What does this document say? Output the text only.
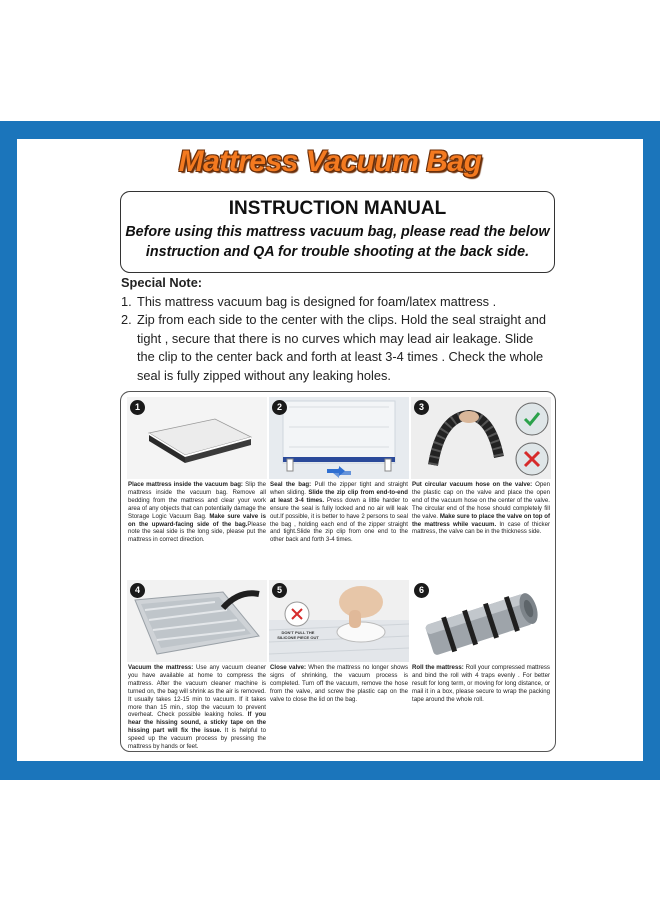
Mattress Vacuum Bag
INSTRUCTION MANUAL
Before using this mattress vacuum bag, please read the below
instruction and QA for trouble shooting at the back side.
Special Note:
1. This mattress vacuum bag is designed for foam/latex mattress .
2. Zip from each side to the center with the clips. Hold the seal straight and tight , secure that there is no curves which may lead air leakage. Slide the clip to the center back and forth at least 3-4 times . Check the whole seal is fully zipped without any leaking holes.
1
Place mattress inside the vacuum bag: Slip the mattress inside the vacuum bag. Remove all bedding from the mattress and clear your work area of any objects that can potentially damage the Storage Logic Vacuum Bag. Make sure valve is on the upward-facing side of the bag.Please note the seal side is the long side, please put the mattress in correct direction.
2
Seal the bag: Pull the zipper tight and straight when sliding. Slide the zip clip from end-to-end at least 3-4 times. Press down a little harder to ensure the seal is fully locked and no air will leak out.If possible, it is better to have 2 persons to seal the bag , holding each end of the zipper straight and tight.Slide the zip clip from one end to the other back and forth 3-4 times.
3
Put circular vacuum hose on the valve: Open the plastic cap on the valve and place the open end of the vacuum hose on the center of the valve. The circular end of the hose should completely fill the valve. Make sure to place the valve on top of the mattress while vacuum. In case of thicker mattress, the valve can be in the thickness side.
4
Vacuum the mattress: Use any vacuum cleaner you have available at home to compress the mattress. After the vacuum cleaner machine is turned on, the bag will shrink as the air is removed. It usually takes 12-15 min to vacuum. If it takes more than 15 min., stop the vacuum to prevent overheat. Check possible leaking holes. If you hear the hissing sound, a sticky tape on the hissing part will fix the issue. It is helpful to speed up the vacuum process by pressing the mattress by hands or feet.
5
DON'T PULL THE SILICONE PIECE OUT
Close valve: When the mattress no longer shows signs of shrinking, the vacuum process is completed. Turn off the vacuum, remove the hose from the valve, and screw the plastic cap on the valve to close the lid on the bag.
6
Roll the mattress: Roll your compressed mattress and bind the roll with 4 traps evenly . For better result for long term, or moving for long distance, or mail it in a box, please secure to wrap the packing tape around the whole roll.
